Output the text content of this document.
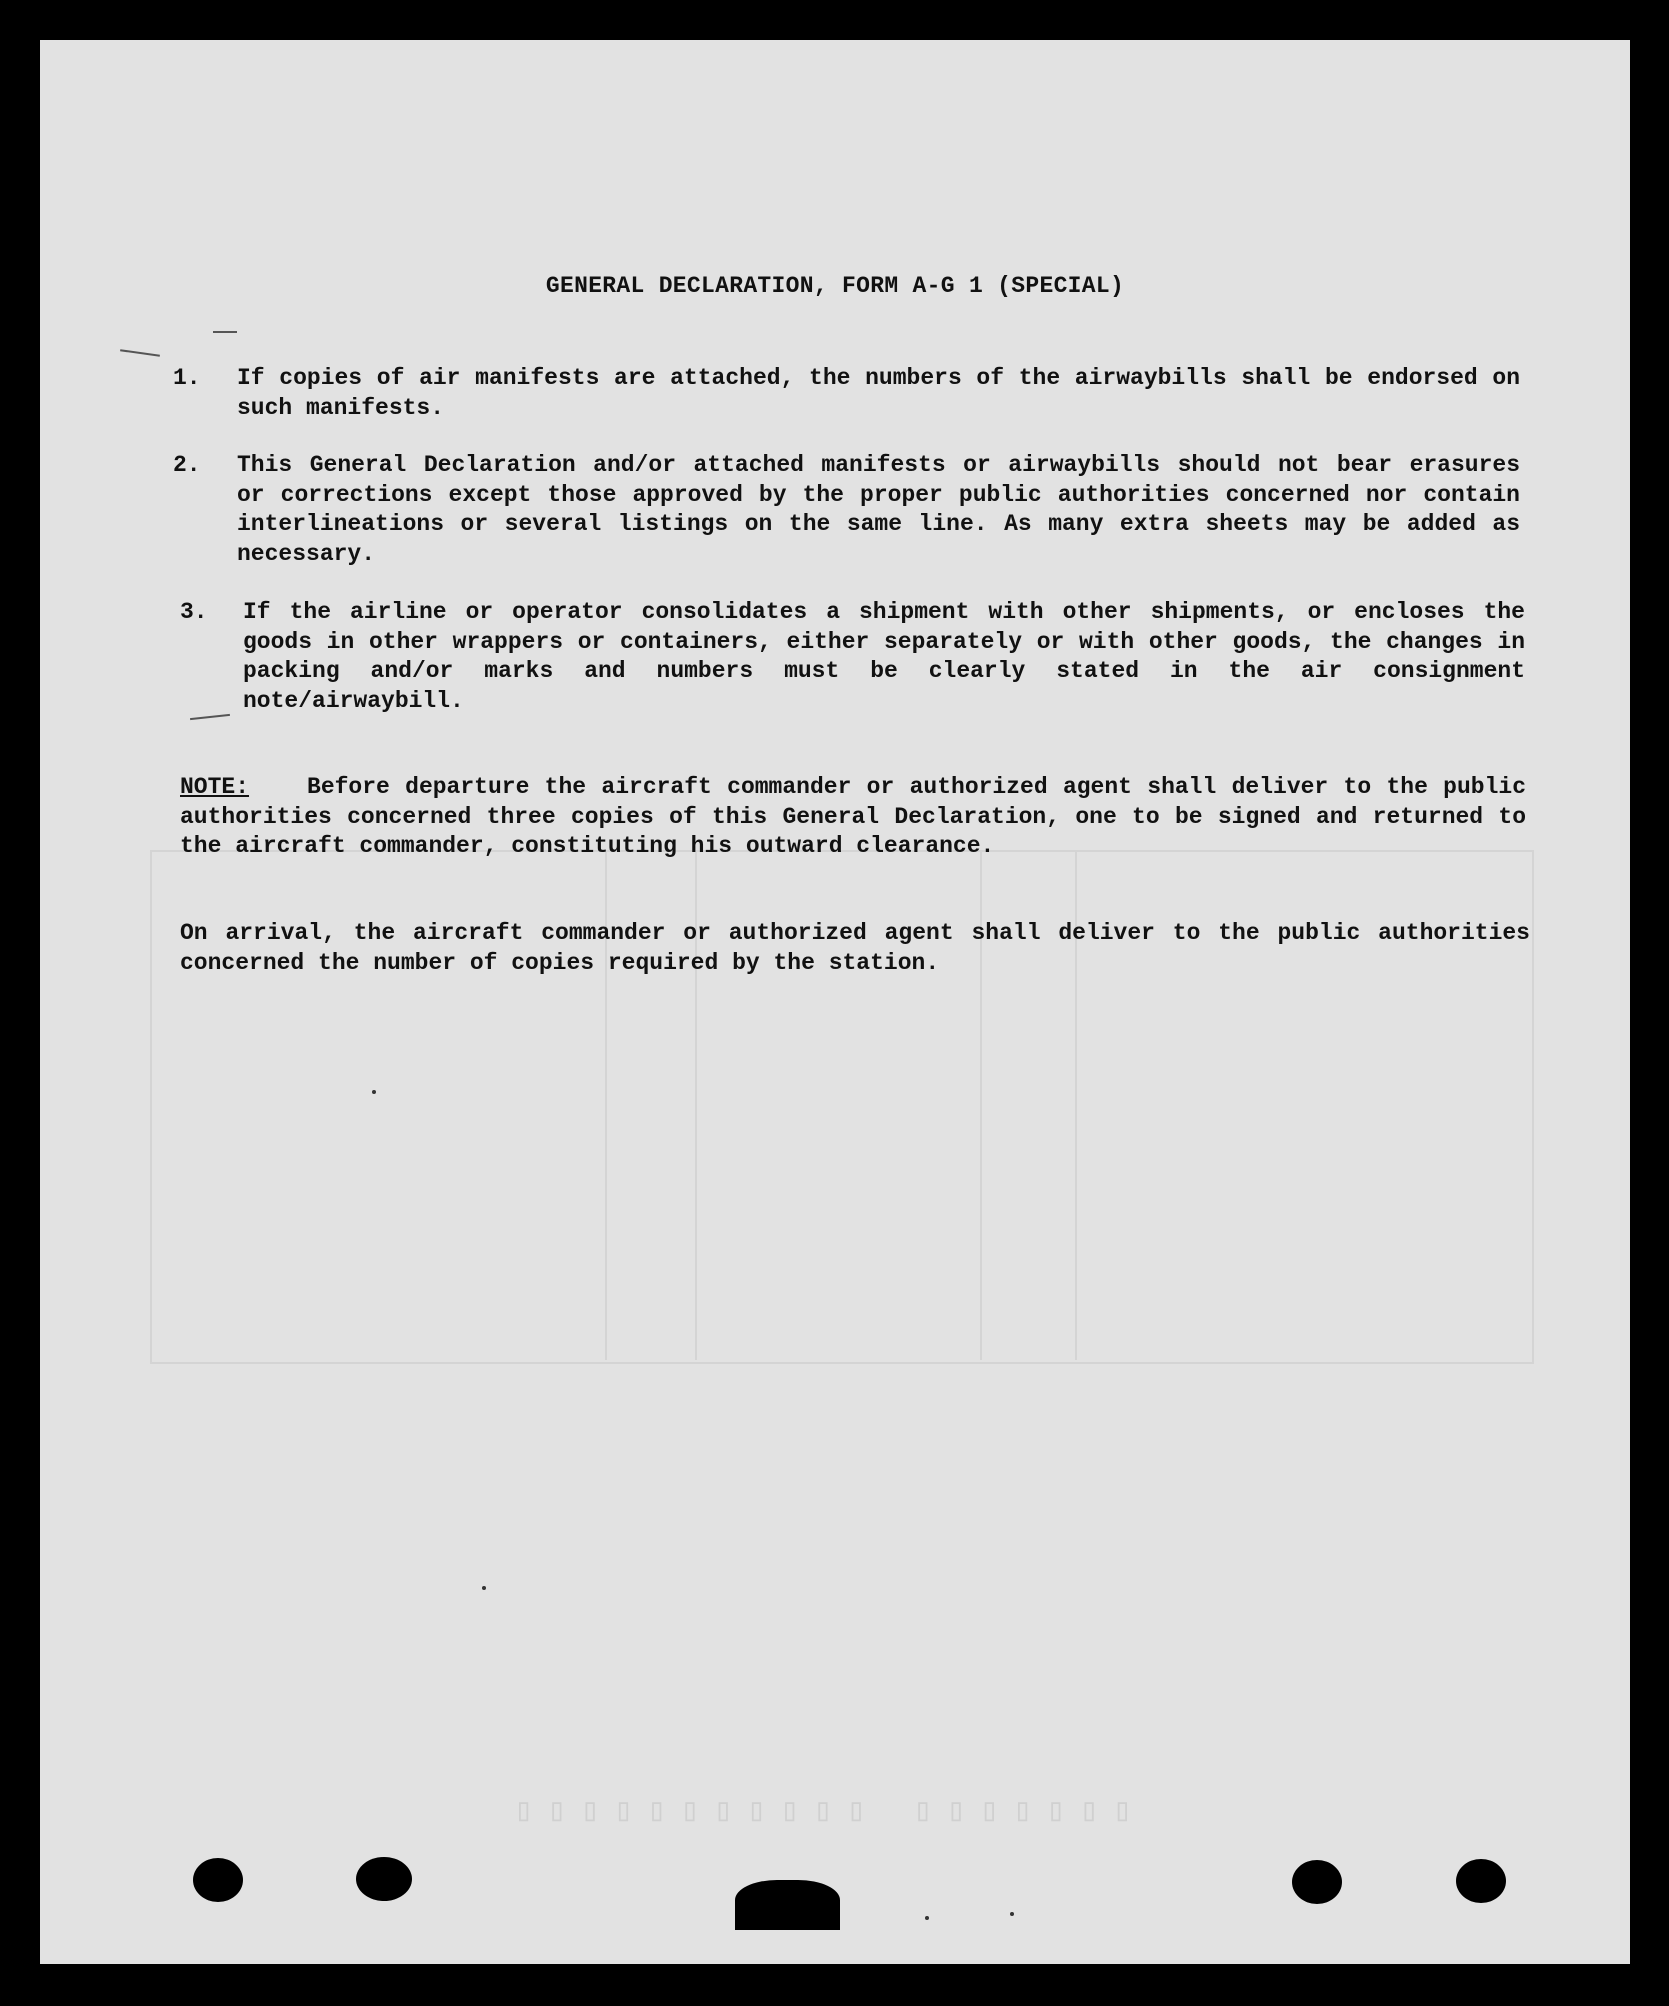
▯▯▯▯▯▯▯ ▯▯▯▯▯▯▯▯▯▯▯
GENERAL DECLARATION, FORM A-G 1 (SPECIAL)
1. If copies of air manifests are attached, the numbers of the airwaybills shall be endorsed on such manifests.
2. This General Declaration and/or attached manifests or airwaybills should not bear erasures or corrections except those approved by the proper public authorities concerned nor contain interlineations or several listings on the same line. As many extra sheets may be added as necessary.
3. If the airline or operator consolidates a shipment with other shipments, or encloses the goods in other wrappers or containers, either separately or with other goods, the changes in packing and/or marks and numbers must be clearly stated in the air consignment note/airwaybill.
NOTE:	Before departure the aircraft commander or authorized agent shall deliver to the public authorities concerned three copies of this General Declaration, one to be signed and returned to the aircraft commander, constituting his outward clearance.
On arrival, the aircraft commander or authorized agent shall deliver to the public authorities concerned the number of copies required by the station.
